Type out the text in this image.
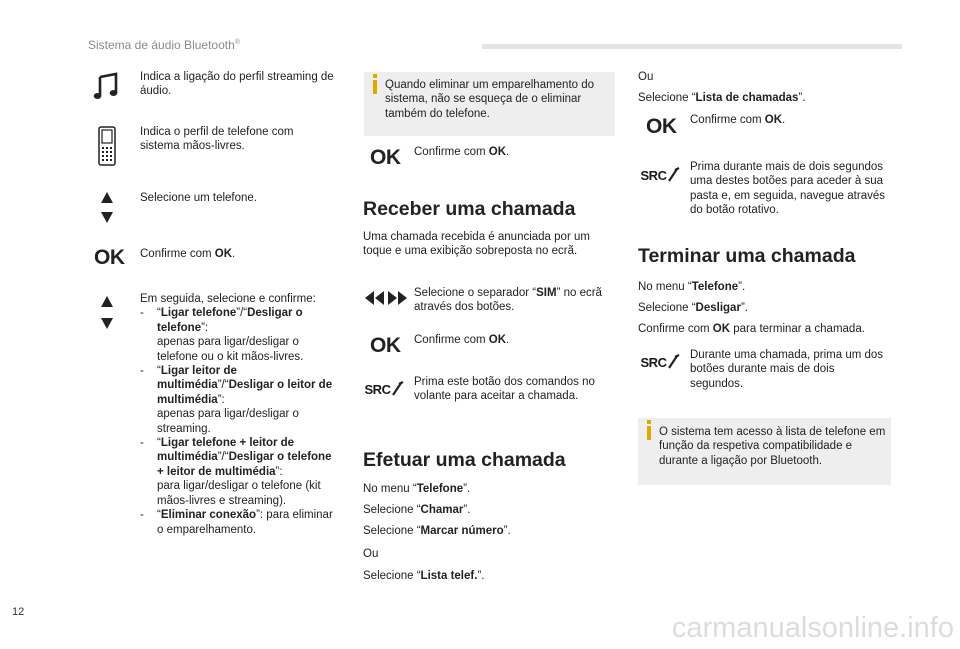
Sistema de áudio Bluetooth®
Indica a ligação do perfil streaming de áudio.
Indica o perfil de telefone com sistema mãos-livres.
Selecione um telefone.
OK Confirme com OK.
Em seguida, selecione e confirme:
- “Ligar telefone”/“Desligar o telefone”:
apenas para ligar/desligar o telefone ou o kit mãos-livres.
- “Ligar leitor de multimédia”/“Desligar o leitor de multimédia”:
apenas para ligar/desligar o streaming.
- “Ligar telefone + leitor de multimédia”/“Desligar o telefone + leitor de multimédia”:
para ligar/desligar o telefone (kit mãos-livres e streaming).
- “Eliminar conexão”: para eliminar o emparelhamento.
Quando eliminar um emparelhamento do sistema, não se esqueça de o eliminar também do telefone.
OK Confirme com OK.
Receber uma chamada
Uma chamada recebida é anunciada por um toque e uma exibição sobreposta no ecrã.
Selecione o separador “SIM” no ecrã através dos botões.
OK Confirme com OK.
SRC Prima este botão dos comandos no volante para aceitar a chamada.
Efetuar uma chamada
No menu “Telefone”.
Selecione “Chamar”.
Selecione “Marcar número”.
Ou
Selecione “Lista telef.”.
Ou
Selecione “Lista de chamadas”.
OK Confirme com OK.
SRC
Prima durante mais de dois segundos uma destes botões para aceder à sua pasta e, em seguida, navegue através do botão rotativo.
Terminar uma chamada
No menu “Telefone”.
Selecione “Desligar”.
Confirme com OK para terminar a chamada.
SRC Durante uma chamada, prima um dos botões durante mais de dois segundos.
O sistema tem acesso à lista de telefone em função da respetiva compatibilidade e durante a ligação por Bluetooth.
12	carmanualsonline.info
